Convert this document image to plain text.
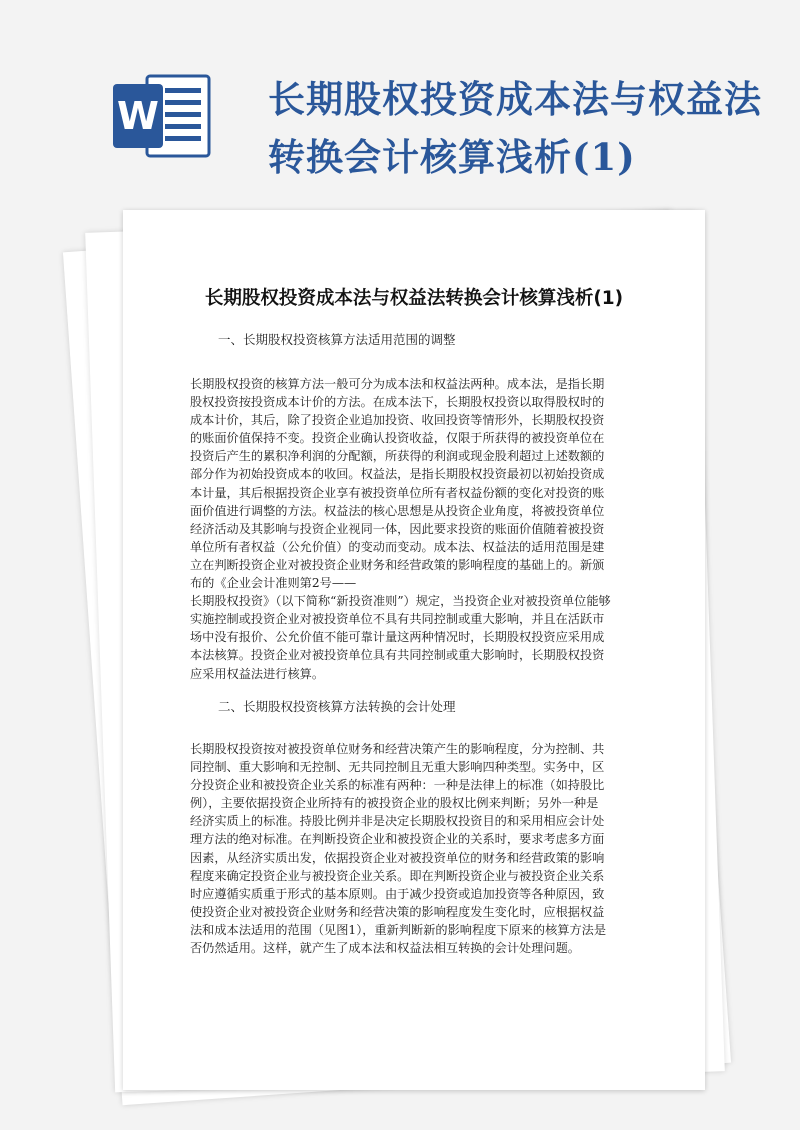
W	长期股权投资成本法与权益法
转换会计核算浅析(1)
长期股权投资成本法与权益法转换会计核算浅析(1)
一、长期股权投资核算方法适用范围的调整
长期股权投资的核算方法一般可分为成本法和权益法两种。成本法，是指长期
股权投资按投资成本计价的方法。在成本法下，长期股权投资以取得股权时的
成本计价，其后，除了投资企业追加投资、收回投资等情形外，长期股权投资
的账面价值保持不变。投资企业确认投资收益，仅限于所获得的被投资单位在
投资后产生的累积净利润的分配额，所获得的利润或现金股利超过上述数额的
部分作为初始投资成本的收回。权益法，是指长期股权投资最初以初始投资成
本计量，其后根据投资企业享有被投资单位所有者权益份额的变化对投资的账
面价值进行调整的方法。权益法的核心思想是从投资企业角度，将被投资单位
经济活动及其影响与投资企业视同一体，因此要求投资的账面价值随着被投资
单位所有者权益（公允价值）的变动而变动。成本法、权益法的适用范围是建
立在判断投资企业对被投资企业财务和经营政策的影响程度的基础上的。新颁
布的《企业会计准则第2号——
长期股权投资》（以下简称“新投资准则”）规定，当投资企业对被投资单位能够
实施控制或投资企业对被投资单位不具有共同控制或重大影响，并且在活跃市
场中没有报价、公允价值不能可靠计量这两种情况时，长期股权投资应采用成
本法核算。投资企业对被投资单位具有共同控制或重大影响时，长期股权投资
应采用权益法进行核算。
二、长期股权投资核算方法转换的会计处理
长期股权投资按对被投资单位财务和经营决策产生的影响程度，分为控制、共
同控制、重大影响和无控制、无共同控制且无重大影响四种类型。实务中，区
分投资企业和被投资企业关系的标准有两种：一种是法律上的标准（如持股比
例），主要依据投资企业所持有的被投资企业的股权比例来判断；另外一种是
经济实质上的标准。持股比例并非是决定长期股权投资目的和采用相应会计处
理方法的绝对标准。在判断投资企业和被投资企业的关系时，要求考虑多方面
因素，从经济实质出发，依据投资企业对被投资单位的财务和经营政策的影响
程度来确定投资企业与被投资企业关系。即在判断投资企业与被投资企业关系
时应遵循实质重于形式的基本原则。由于减少投资或追加投资等各种原因，致
使投资企业对被投资企业财务和经营决策的影响程度发生变化时，应根据权益
法和成本法适用的范围（见图1），重新判断新的影响程度下原来的核算方法是
否仍然适用。这样，就产生了成本法和权益法相互转换的会计处理问题。
